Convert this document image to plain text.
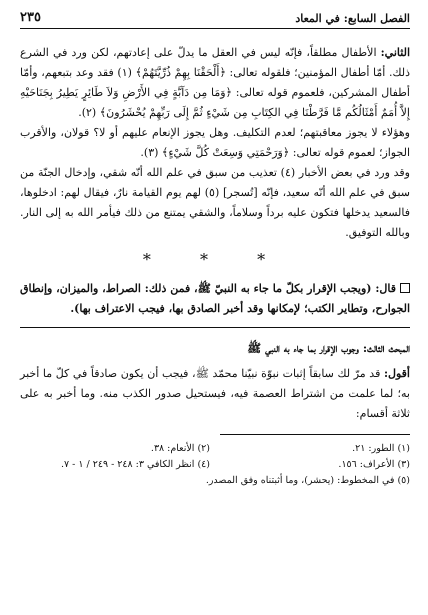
الفصل السابع: في المعاد
٢٣٥

الثاني: الأطفال مطلقاً، فإنّه ليس في العقل ما يدلّ على إعادتهم، لكن ورد في الشرع ذلك. أمّا أطفال المؤمنين؛ فلقوله تعالى: ﴿أَلْحَقْنَا بِهِمْ ذُرِّيَّتَهُمْ﴾ (١) فقد وعد بتبعهم، وأمّا أطفال المشركين، فلعموم قوله تعالى: ﴿وَمَا مِن دَآبَّةٍ فِي الأَرْضِ وَلاَ طَائِرٍ يَطِيرُ بِجَنَاحَيْهِ إِلاَّ أُمَمٌ أَمْثَالُكُم مَّا فَرَّطْنَا فِي الكِتَابِ مِن شَيْءٍ ثُمَّ إِلَى رَبِّهِمْ يُحْشَرُونَ﴾ (٢).

وهؤلاء لا يجوز معاقبتهم؛ لعدم التكليف. وهل يجوز الإنعام عليهم أو لا؟ قولان، والأقرب الجواز؛ لعموم قوله تعالى: ﴿وَرَحْمَتِي وَسِعَتْ كُلَّ شَيْءٍ﴾ (٣).

وقد ورد في بعض الأخبار (٤) تعذيب من سبق في علم الله أنّه شقي، وإدخال الجنّة من سبق في علم الله أنّه سعيد، فإنّه [تُسجر] (٥) لهم يوم القيامة نارٌ، فيقال لهم: ادخلوها، فالسعيد يدخلها فتكون عليه برداً وسلاماً، والشقي يمتنع من ذلك فيأمر الله به إلى النار. وبالله التوفيق.

* * *

قال: (ويجب الإقرار بكلّ ما جاء به النبيّ ﷺ، فمن ذلك: الصراط، والميزان، وإنطاق الجوارح، وتطاير الكتب؛ لإمكانها وقد أخبر الصادق بها، فيجب الاعتراف بها).

المبحث الثالث: وجوب الإقرار بما جاء به النبي ﷺ

أقول: قد مرّ لك سابقاً إثبات نبوّة نبيّنا محمّد ﷺ، فيجب أن يكون صادقاً في كلّ ما أخبر به؛ لما علمت من اشتراط العصمة فيه، فيستحيل صدور الكذب منه. وما أخبر به على ثلاثة أقسام:

(١) الطور: ٢١.
(٢) الأنعام: ٣٨.
(٣) الأعراف: ١٥٦.
(٤) انظر الكافي ٣: ٢٤٨ - ٢٤٩ / ١ - ٧.
(٥) في المخطوط: (يحشر)، وما أثبتناه وفق المصدر.
